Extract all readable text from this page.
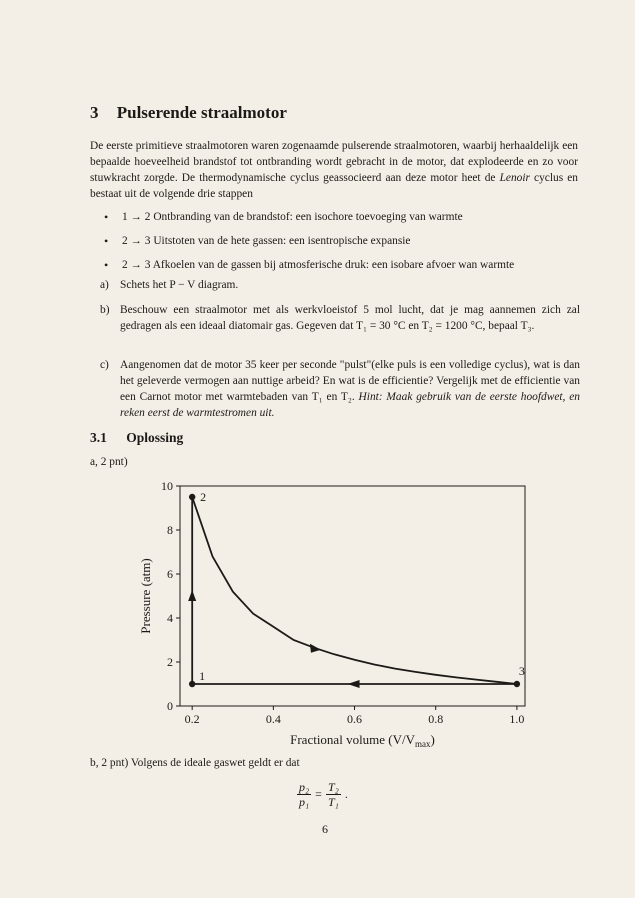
3 Pulserende straalmotor
De eerste primitieve straalmotoren waren zogenaamde pulserende straalmotoren, waarbij herhaaldelijk een bepaalde hoeveelheid brandstof tot ontbranding wordt gebracht in de motor, dat explodeerde en zo voor stuwkracht zorgde. De thermodynamische cyclus geassocieerd aan deze motor heet de Lenoir cyclus en bestaat uit de volgende drie stappen
•	1 → 2 Ontbranding van de brandstof: een isochore toevoeging van warmte
•	2 → 3 Uitstoten van de hete gassen: een isentropische expansie
•	2 → 3 Afkoelen van de gassen bij atmosferische druk: een isobare afvoer wan warmte
a) Schets het P − V diagram.
b) Beschouw een straalmotor met als werkvloeistof 5 mol lucht, dat je mag aannemen zich zal gedragen als een ideaal diatomair gas. Gegeven dat T₁ = 30 °C en T₂ = 1200 °C, bepaal T₃.
c) Aangenomen dat de motor 35 keer per seconde "pulst"(elke puls is een volledige cyclus), wat is dan het geleverde vermogen aan nuttige arbeid? En wat is de efficientie? Vergelijk met de efficientie van een Carnot motor met warmtebaden van T₁ en T₂. Hint: Maak gebruik van de eerste hoofdwet, en reken eerst de warmtestromen uit.
3.1 Oplossing
a, 2 pnt)
0.2	0.4	0.6	0.8	1.0
0
2
4
6
8
10
Fractional volume $(V/V_{max})$
Pressure (atm)
1
2
3
b, 2 pnt) Volgens de ideale gaswet geldt er dat
$\frac{\text{p₂}}{\text{p₁}} = \frac{\text{T₂}}{\text{T₁}}$ .
6
